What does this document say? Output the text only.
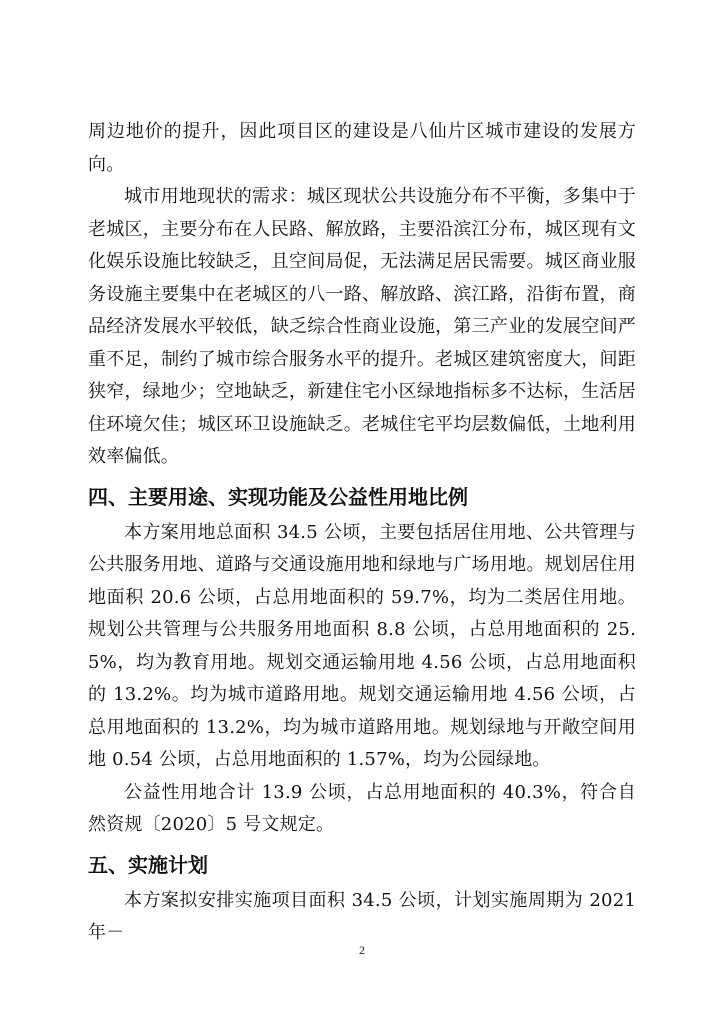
周边地价的提升，因此项目区的建设是八仙片区城市建设的发展方向。

城市用地现状的需求：城区现状公共设施分布不平衡，多集中于老城区，主要分布在人民路、解放路，主要沿滨江分布，城区现有文化娱乐设施比较缺乏，且空间局促，无法满足居民需要。城区商业服务设施主要集中在老城区的八一路、解放路、滨江路，沿街布置，商品经济发展水平较低，缺乏综合性商业设施，第三产业的发展空间严重不足，制约了城市综合服务水平的提升。老城区建筑密度大，间距狭窄，绿地少；空地缺乏，新建住宅小区绿地指标多不达标，生活居住环境欠佳；城区环卫设施缺乏。老城住宅平均层数偏低，土地利用效率偏低。

四、主要用途、实现功能及公益性用地比例

本方案用地总面积 34.5 公顷，主要包括居住用地、公共管理与公共服务用地、道路与交通设施用地和绿地与广场用地。规划居住用地面积 20.6 公顷，占总用地面积的 59.7%，均为二类居住用地。规划公共管理与公共服务用地面积 8.8 公顷，占总用地面积的 25.5%，均为教育用地。规划交通运输用地 4.56 公顷，占总用地面积的 13.2%。均为城市道路用地。规划交通运输用地 4.56 公顷，占总用地面积的 13.2%，均为城市道路用地。规划绿地与开敞空间用地 0.54 公顷，占总用地面积的 1.57%，均为公园绿地。

公益性用地合计 13.9 公顷，占总用地面积的 40.3%，符合自然资规〔2020〕5 号文规定。

五、实施计划

本方案拟安排实施项目面积 34.5 公顷，计划实施周期为 2021 年－

2
